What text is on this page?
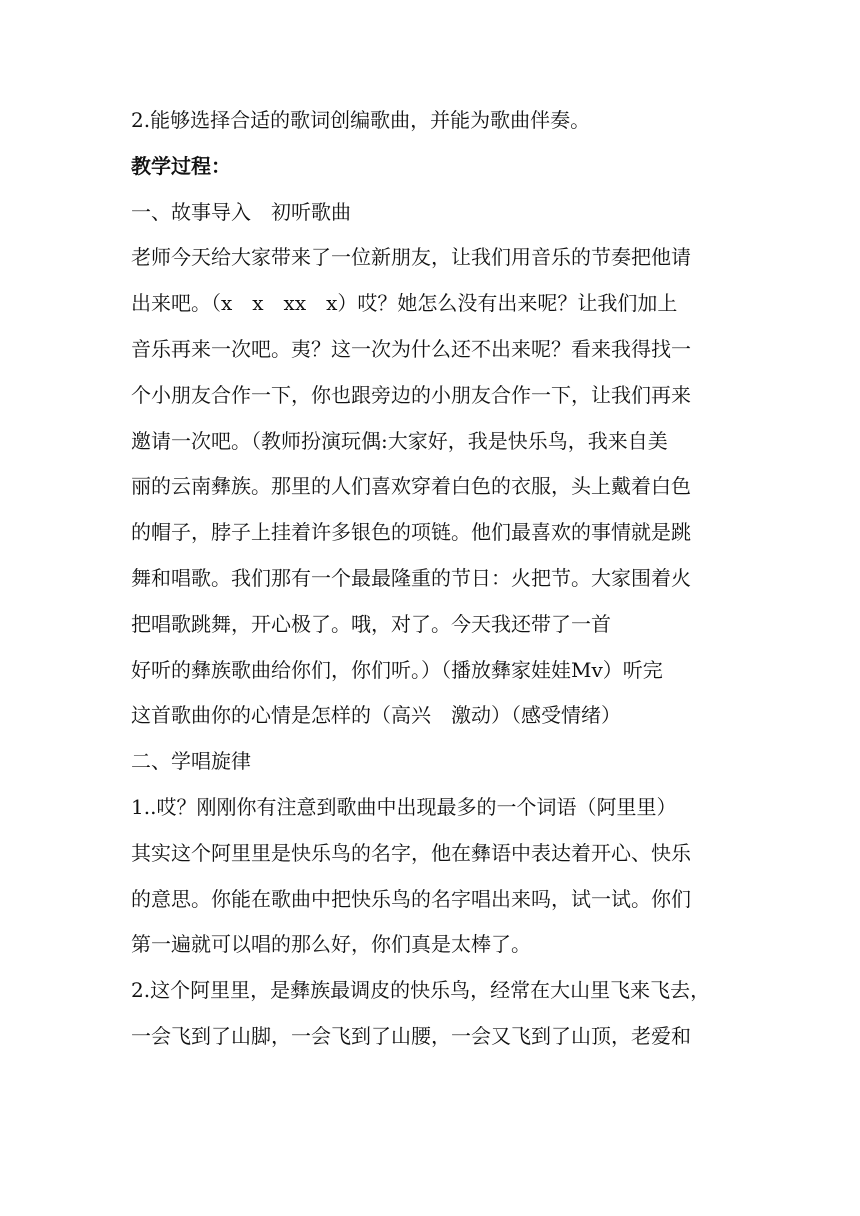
2.能够选择合适的歌词创编歌曲，并能为歌曲伴奏。
教学过程：
一、故事导入　初听歌曲
老师今天给大家带来了一位新朋友，让我们用音乐的节奏把他请
出来吧。（x　x　xx　x）哎？她怎么没有出来呢？让我们加上
音乐再来一次吧。夷？这一次为什么还不出来呢？看来我得找一
个小朋友合作一下，你也跟旁边的小朋友合作一下，让我们再来
邀请一次吧。（教师扮演玩偶:大家好，我是快乐鸟，我来自美
丽的云南彝族。那里的人们喜欢穿着白色的衣服，头上戴着白色
的帽子，脖子上挂着许多银色的项链。他们最喜欢的事情就是跳
舞和唱歌。我们那有一个最最隆重的节日：火把节。大家围着火
把唱歌跳舞，开心极了。哦，对了。今天我还带了一首
好听的彝族歌曲给你们，你们听。）（播放彝家娃娃Mv）听完
这首歌曲你的心情是怎样的（高兴　激动）（感受情绪）
二、学唱旋律
1..哎？刚刚你有注意到歌曲中出现最多的一个词语（阿里里）
其实这个阿里里是快乐鸟的名字，他在彝语中表达着开心、快乐
的意思。你能在歌曲中把快乐鸟的名字唱出来吗，试一试。你们
第一遍就可以唱的那么好，你们真是太棒了。
2.这个阿里里，是彝族最调皮的快乐鸟，经常在大山里飞来飞去，
一会飞到了山脚，一会飞到了山腰，一会又飞到了山顶，老爱和
